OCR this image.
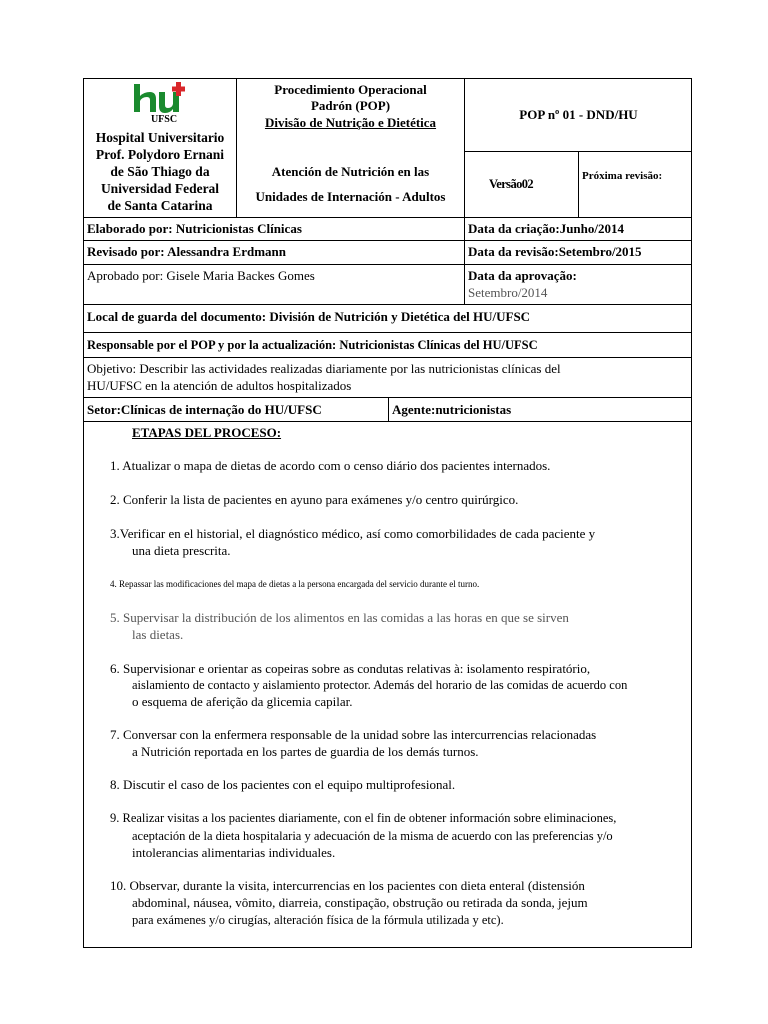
UFSC
Hospital Universitario
Prof. Polydoro Ernani
de São Thiago da
Universidad Federal
de Santa Catarina
Procedimiento Operacional
Padrón (POP)
Divisão de Nutrição e Dietética
POP nº 01 - DND/HU
Atención de Nutrición en las
Unidades de Internación - Adultos
Versão02
Próxima revisão:
Elaborado por: Nutricionistas Clínicas	Data da criação:Junho/2014
Revisado por: Alessandra Erdmann	Data da revisão:Setembro/2015
Aprobado por: Gisele Maria Backes Gomes	Data da aprovação:
Setembro/2014
Local de guarda del documento: División de Nutrición y Dietética del HU/UFSC
Responsable por el POP y por la actualización: Nutricionistas Clínicas del HU/UFSC
Objetivo: Describir las actividades realizadas diariamente por las nutricionistas clínicas del
HU/UFSC en la atención de adultos hospitalizados
Setor:Clínicas de internação do HU/UFSC	Agente:nutricionistas
ETAPAS DEL PROCESO:
1. Atualizar o mapa de dietas de acordo com o censo diário dos pacientes internados.
2. Conferir la lista de pacientes en ayuno para exámenes y/o centro quirúrgico.
3.Verificar en el historial, el diagnóstico médico, así como comorbilidades de cada paciente y
una dieta prescrita.
4. Repassar las modificaciones del mapa de dietas a la persona encargada del servicio durante el turno.
5. Supervisar la distribución de los alimentos en las comidas a las horas en que se sirven
las dietas.
6. Supervisionar e orientar as copeiras sobre as condutas relativas à: isolamento respiratório,
aislamiento de contacto y aislamiento protector. Además del horario de las comidas de acuerdo con
o esquema de aferição da glicemia capilar.
7. Conversar con la enfermera responsable de la unidad sobre las intercurrencias relacionadas
a Nutrición reportada en los partes de guardia de los demás turnos.
8. Discutir el caso de los pacientes con el equipo multiprofesional.
9. Realizar visitas a los pacientes diariamente, con el fin de obtener información sobre eliminaciones,
aceptación de la dieta hospitalaria y adecuación de la misma de acuerdo con las preferencias y/o
intolerancias alimentarias individuales.
10. Observar, durante la visita, intercurrencias en los pacientes con dieta enteral (distensión
abdominal, náusea, vômito, diarreia, constipação, obstrução ou retirada da sonda, jejum
para exámenes y/o cirugías, alteración física de la fórmula utilizada y etc).
